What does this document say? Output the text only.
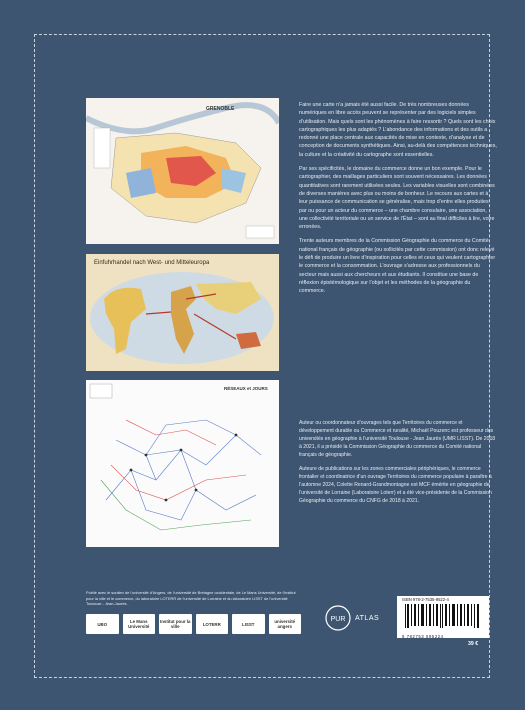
GRENOBLE
Einfuhrhandel nach West- und Mitteleuropa
RÉSEAUX et JOURS

Faire une carte n’a jamais été aussi facile. De très nombreuses données numériques en libre accès peuvent se représenter par des logiciels simples d’utilisation. Mais quels sont les phénomènes à faire ressortir ? Quels sont les choix cartographiques les plus adaptés ? L’abondance des informations et des outils a redonné une place centrale aux capacités de mise en contexte, d’analyse et de conception de documents synthétiques. Ainsi, au-delà des compétences techniques, la culture et la créativité du cartographe sont essentielles.

Par ses spécificités, le domaine du commerce donne un bon exemple. Pour le cartographier, des maillages particuliers sont souvent nécessaires. Les données quantitatives sont rarement utilisées seules. Les variables visuelles sont combinées de diverses manières avec plus ou moins de bonheur. Le recours aux cartes et à leur puissance de communication se généralise, mais trop d’entre elles produites par ou pour un acteur du commerce – une chambre consulaire, une association, une collectivité territoriale ou un service de l’État – sont au final difficiles à lire, voire erronées.

Trente auteurs membres de la Commission Géographie du commerce du Comité national français de géographie (ou sollicités par cette commission) ont donc relevé le défi de produire un livre d’inspiration pour celles et ceux qui veulent cartographier le commerce et la consommation. L’ouvrage s’adresse aux professionnels du secteur mais aussi aux chercheurs et aux étudiants. Il constitue une base de réflexion épistémologique sur l’objet et les méthodes de la géographie du commerce.

Auteur ou coordonnateur d’ouvrages tels que Territoires du commerce et développement durable ou Commerce et ruralité, Michaël Pouzenc est professeur des universités en géographie à l’université Toulouse - Jean Jaurès (UMR LISST). De 2018 à 2021, il a présidé la Commission Géographie du commerce du Comité national français de géographie.

Auteure de publications sur les zones commerciales périphériques, le commerce frontalier et coordinatrice d’un ouvrage Territoires du commerce populaire à paraître à l’automne 2024, Colette Renard-Grandmontagne est MCF émérite en géographie de l’université de Lorraine (Laboratoire Loterr) et a été vice-présidente de la Commission Géographie du commerce du CNFG de 2018 à 2021.

Publié avec le soutien de l’université d’Angers, de l’université de Bretagne occidentale, de Le Mans Université, de l’institut pour la ville et le commerce, du laboratoire LOTERR de l’université de Lorraine et du laboratoire LISST de l’université Toulouse - Jean-Jaurès.
UBO	Le Mans Université
Institut pour la ville	LOTERR	LISST	université angers
PUR ATLAS
ISBN 978-2-7535-9522-4
9 782753 595224
39 €
